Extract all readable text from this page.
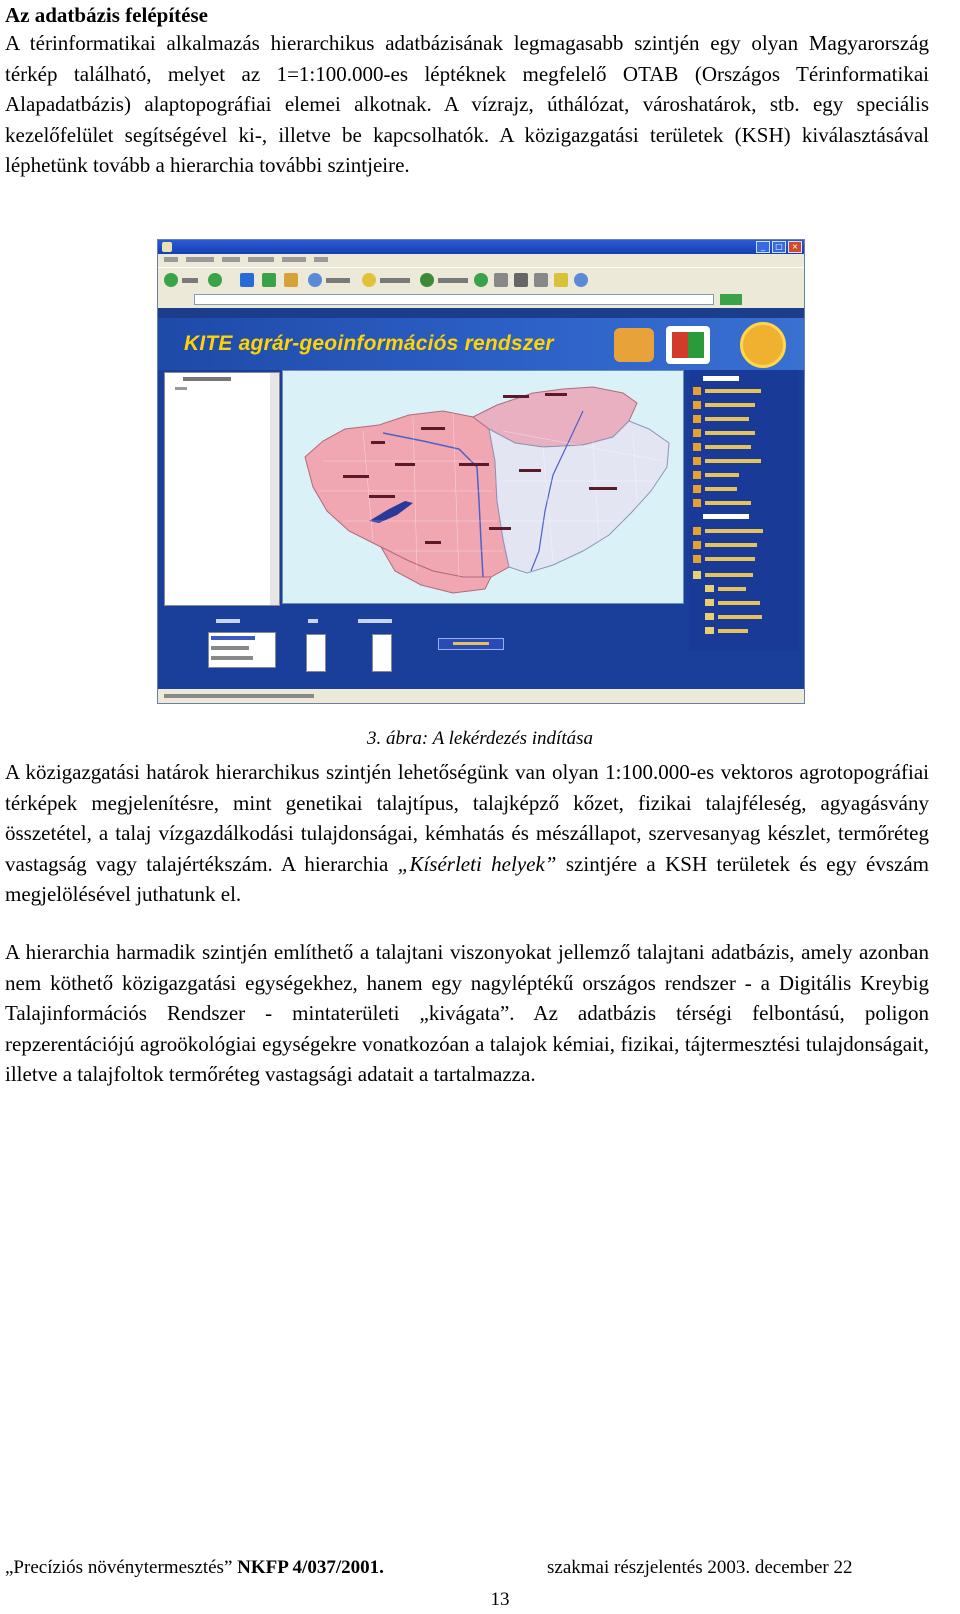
Az adatbázis felépítése

A térinformatikai alkalmazás hierarchikus adatbázisának legmagasabb szintjén egy olyan Magyarország térkép található, melyet az 1=1:100.000-es léptéknek megfelelő OTAB (Országos Térinformatikai Alapadatbázis) alaptopográfiai elemei alkotnak. A vízrajz, úthálózat, városhatárok, stb. egy speciális kezelőfelület segítségével ki-, illetve be kapcsolhatók. A közigazgatási területek (KSH) kiválasztásával léphetünk tovább a hierarchia további szintjeire.

_	□	×
KITE agrár-geoinformációs rendszer

3. ábra: A lekérdezés indítása

A közigazgatási határok hierarchikus szintjén lehetőségünk van olyan 1:100.000-es vektoros agrotopográfiai térképek megjelenítésre, mint genetikai talajtípus, talajképző kőzet, fizikai talajféleség, agyagásvány összetétel, a talaj vízgazdálkodási tulajdonságai, kémhatás és mészállapot, szervesanyag készlet, termőréteg vastagság vagy talajértékszám. A hierarchia „Kísérleti helyek” szintjére a KSH területek és egy évszám megjelölésével juthatunk el.

A hierarchia harmadik szintjén említhető a talajtani viszonyokat jellemző talajtani adatbázis, amely azonban nem köthető közigazgatási egységekhez, hanem egy nagyléptékű országos rendszer - a Digitális Kreybig Talajinformációs Rendszer - mintaterületi „kivágata”. Az adatbázis térségi felbontású, poligon repzerentációjú agroökológiai egységekre vonatkozóan a talajok kémiai, fizikai, tájtermesztési tulajdonságait, illetve a talajfoltok termőréteg vastagsági adatait a tartalmazza.

„Precíziós növénytermesztés” NKFP 4/037/2001.	szakmai részjelentés 2003. december 22
13
